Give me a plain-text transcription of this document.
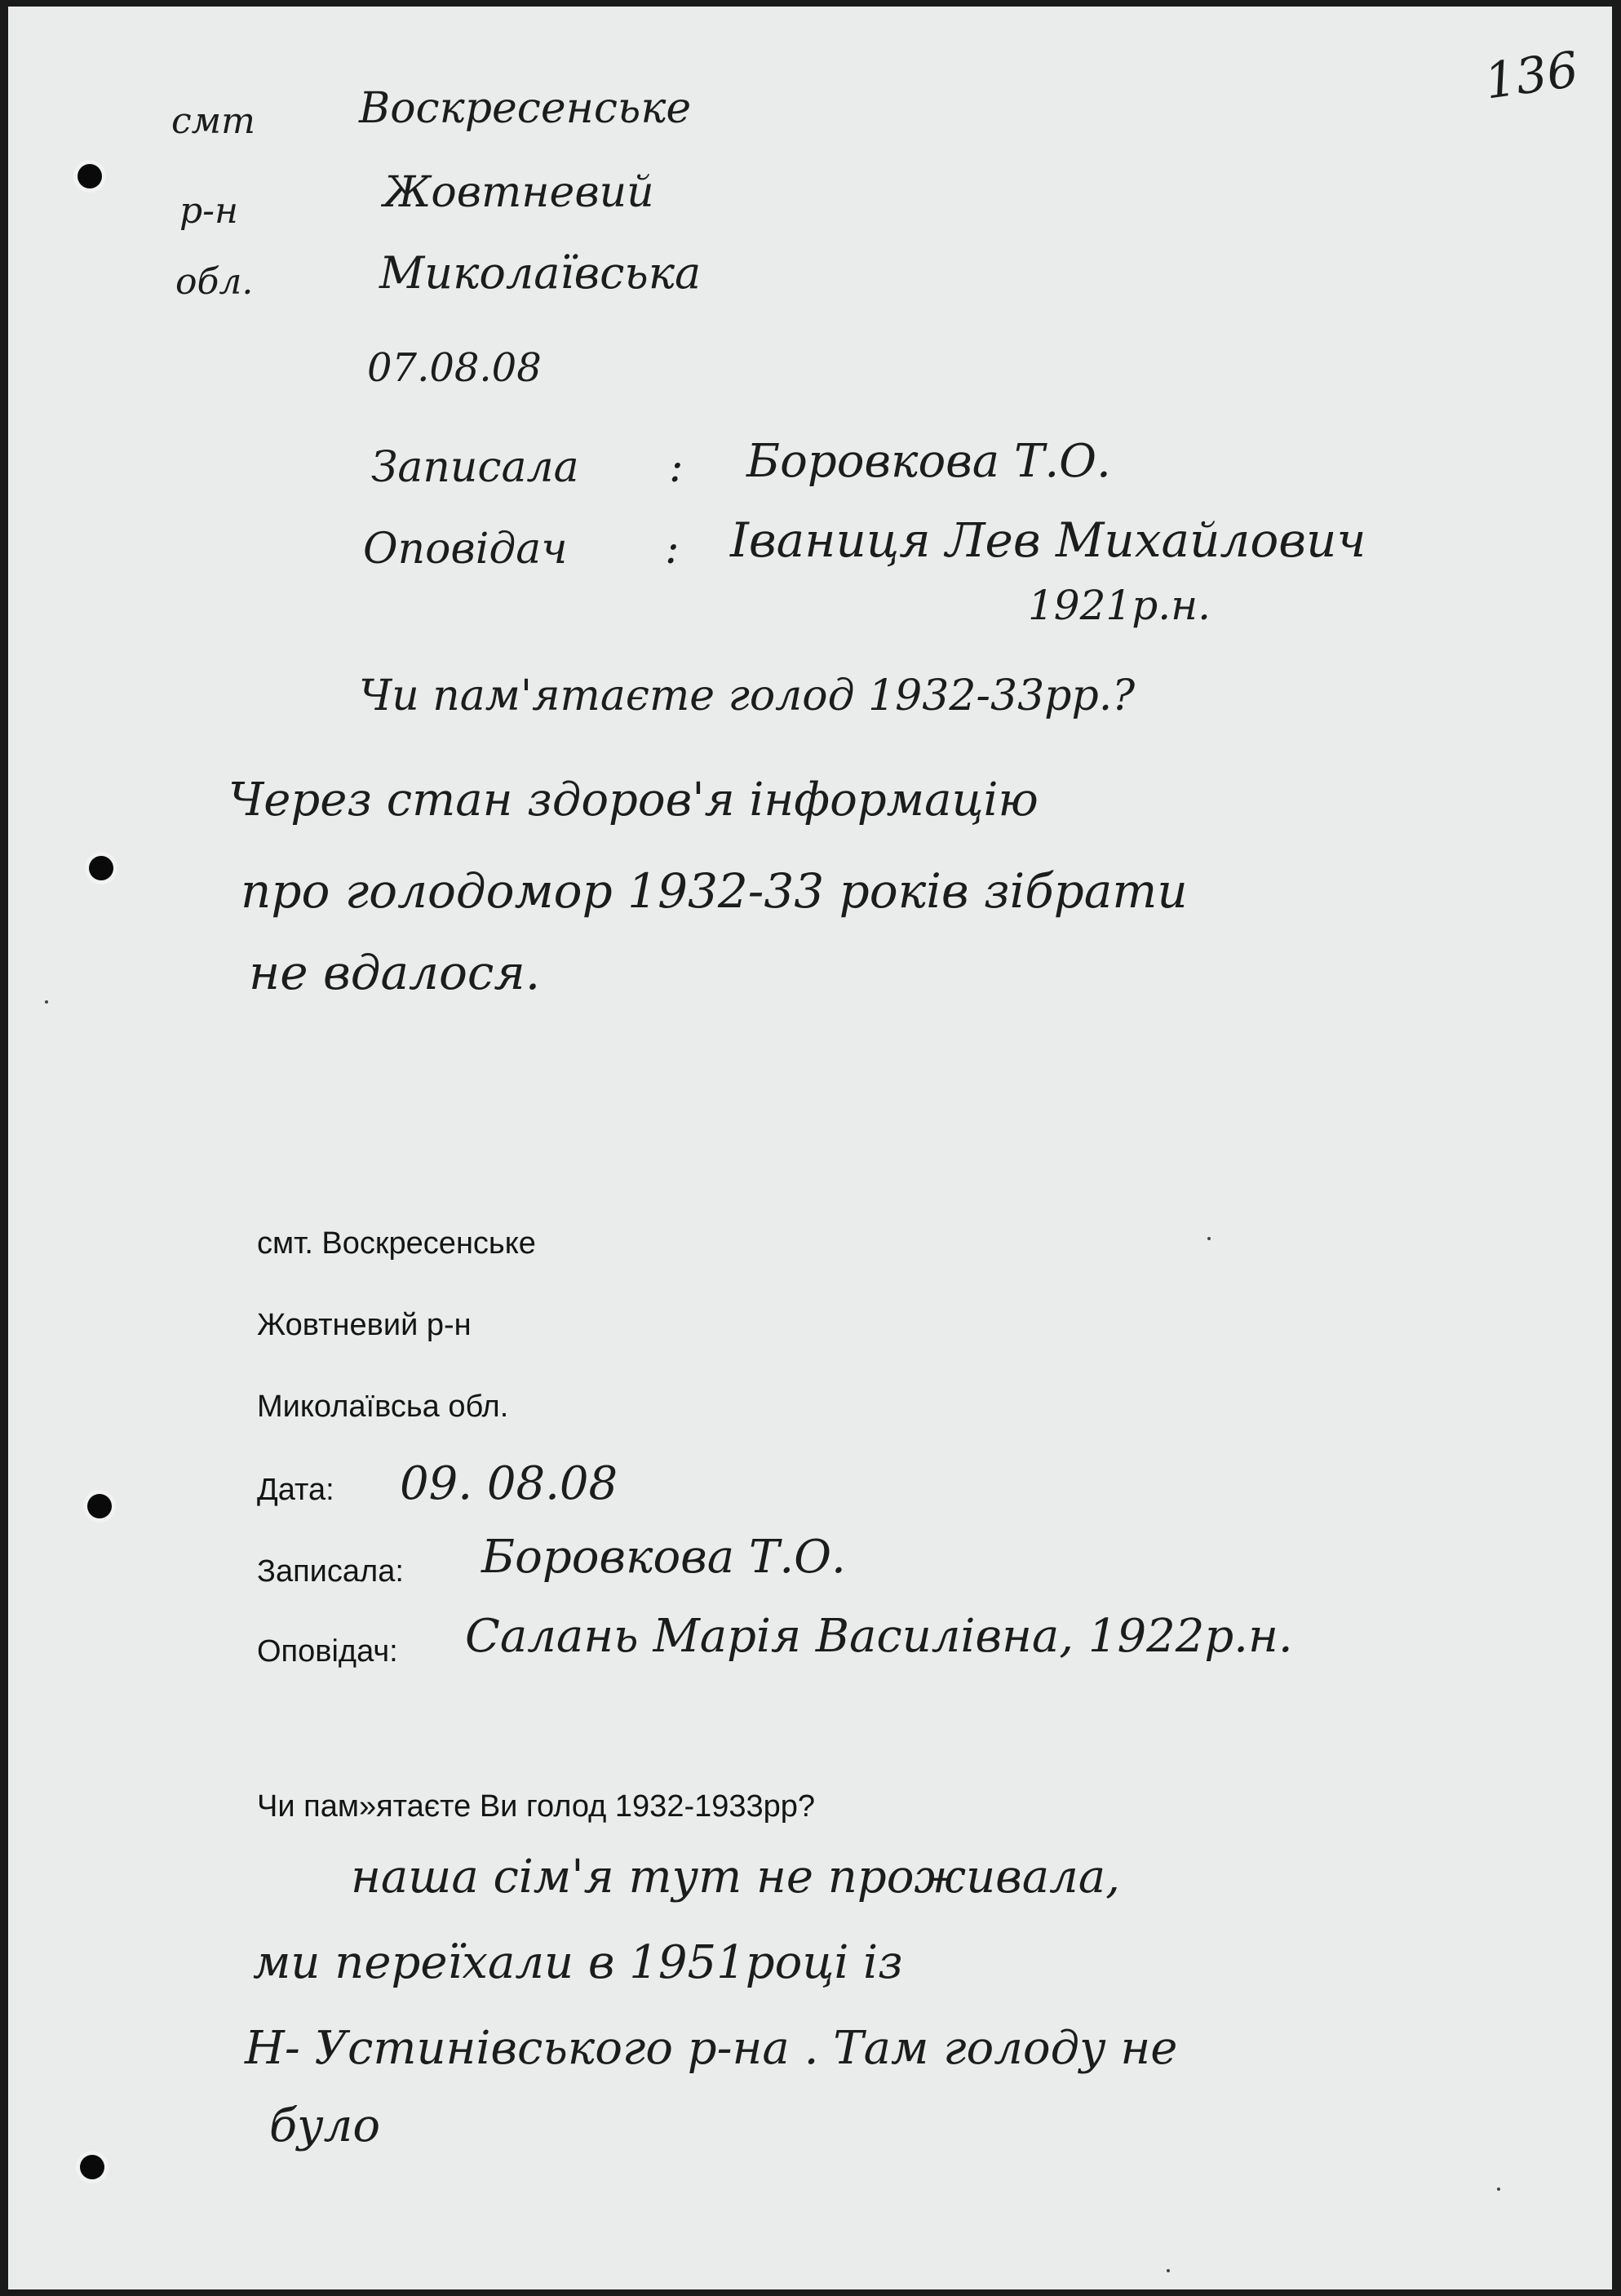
136
смт Воскресенське
р-н	Жовтневий
обл.	Миколаївська
07.08.08
Записала : Боровкова Т.О.
Оповідач : Іваниця Лев Михайлович
1921р.н.
Чи пам'ятаєте голод 1932-33рр.?
Через стан здоров'я інформацію
про голодомор 1932-33 років зібрати
не вдалося.
смт. Воскресенське
Жовтневий р-н
Миколаївсьа обл.
Дата: 09. 08.08
Записала: Боровкова Т.О.
Оповідач: Салань Марія Василівна, 1922р.н.
Чи пам»ятаєте Ви голод 1932-1933рр?
наша сім'я тут не проживала,
ми переїхали в 1951році із
Н- Устинівського р-на . Там голоду не
було
